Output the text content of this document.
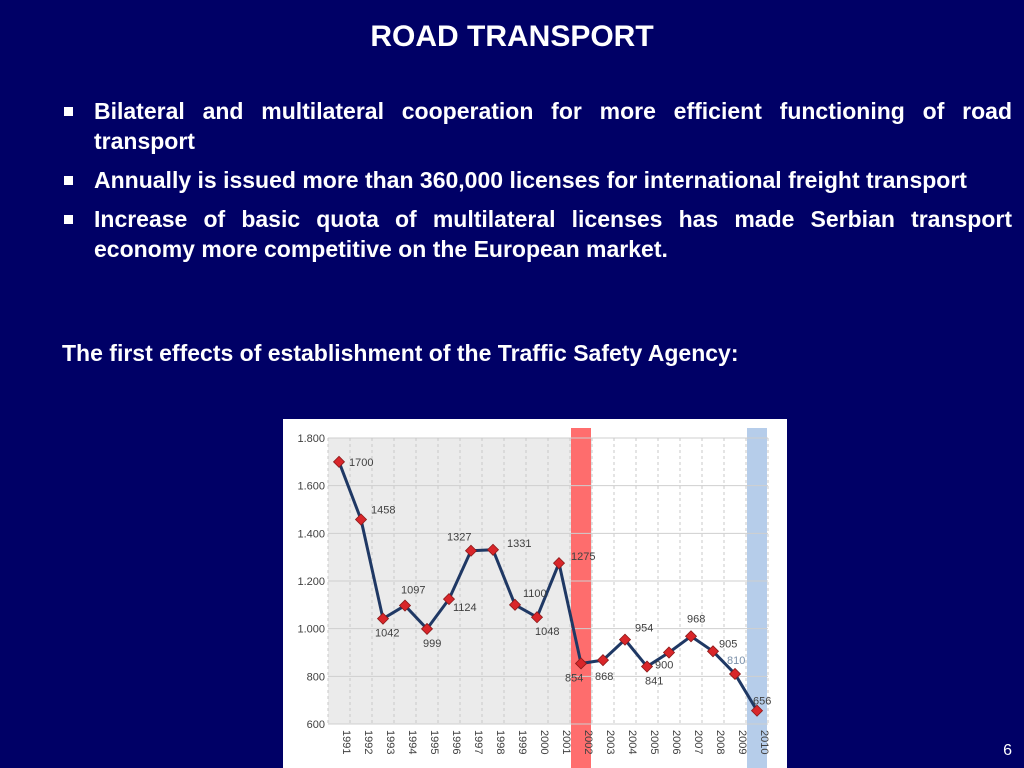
ROAD TRANSPORT
Bilateral and multilateral cooperation for more efficient functioning of road transport
Annually is issued more than 360,000 licenses for international freight transport
Increase of basic quota of multilateral licenses has made Serbian transport economy more competitive on the European market.
The first effects of establishment of the Traffic Safety Agency:
1.800
1.600
1.400
1.200
1.000
800
600
1991 1992 1993 1994 1995 1996 1997 1998 1999 2000 2001 2002 2003 2004 2005 2006 2007 2008 2009 2010
1700
1458
1042
1097
999
1124
1327
1331
1100
1048
1275
854 868
954
841
900
968
905
810
656
6
